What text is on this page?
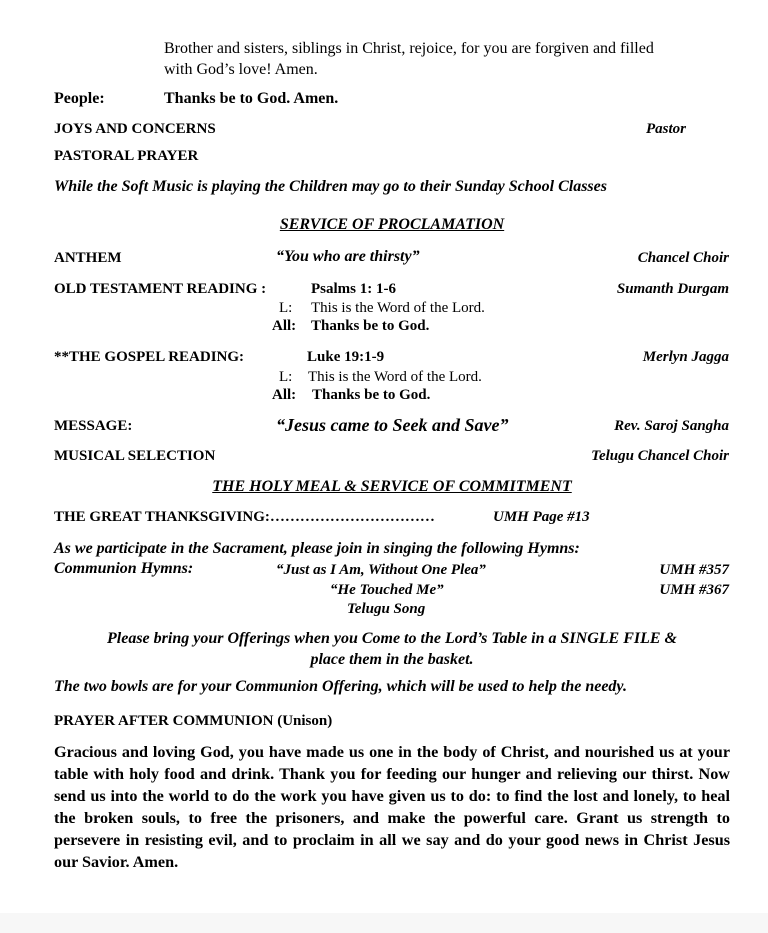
Brother and sisters, siblings in Christ, rejoice, for you are forgiven and filled
with God’s love! Amen.
People:	Thanks be to God. Amen.
JOYS AND CONCERNS	Pastor
PASTORAL PRAYER
While the Soft Music is playing the Children may go to their Sunday School Classes
SERVICE OF PROCLAMATION
ANTHEM	“You who are thirsty”	Chancel Choir
OLD TESTAMENT READING :	Psalms 1: 1-6	Sumanth Durgam
L: This is the Word of the Lord.
All: Thanks be to God.
**THE GOSPEL READING:	Luke 19:1-9	Merlyn Jagga
L: This is the Word of the Lord.
All: Thanks be to God.
MESSAGE:	“Jesus came to Seek and Save”	Rev. Saroj Sangha
MUSICAL SELECTION	Telugu Chancel Choir
THE HOLY MEAL & SERVICE OF COMMITMENT
THE GREAT THANKSGIVING:……………………………	UMH Page #13
As we participate in the Sacrament, please join in singing the following Hymns:
Communion Hymns:	“Just as I Am, Without One Plea”	UMH #357
“He Touched Me”	UMH #367
Telugu Song
Please bring your Offerings when you Come to the Lord’s Table in a SINGLE FILE &
place them in the basket.
The two bowls are for your Communion Offering, which will be used to help the needy.
PRAYER AFTER COMMUNION (Unison)
Gracious and loving God, you have made us one in the body of Christ, and nourished us at your table with holy food and drink. Thank you for feeding our hunger and relieving our thirst. Now send us into the world to do the work you have given us to do: to find the lost and lonely, to heal the broken souls, to free the prisoners, and make the powerful care. Grant us strength to persevere in resisting evil, and to proclaim in all we say and do your good news in Christ Jesus our Savior. Amen.
